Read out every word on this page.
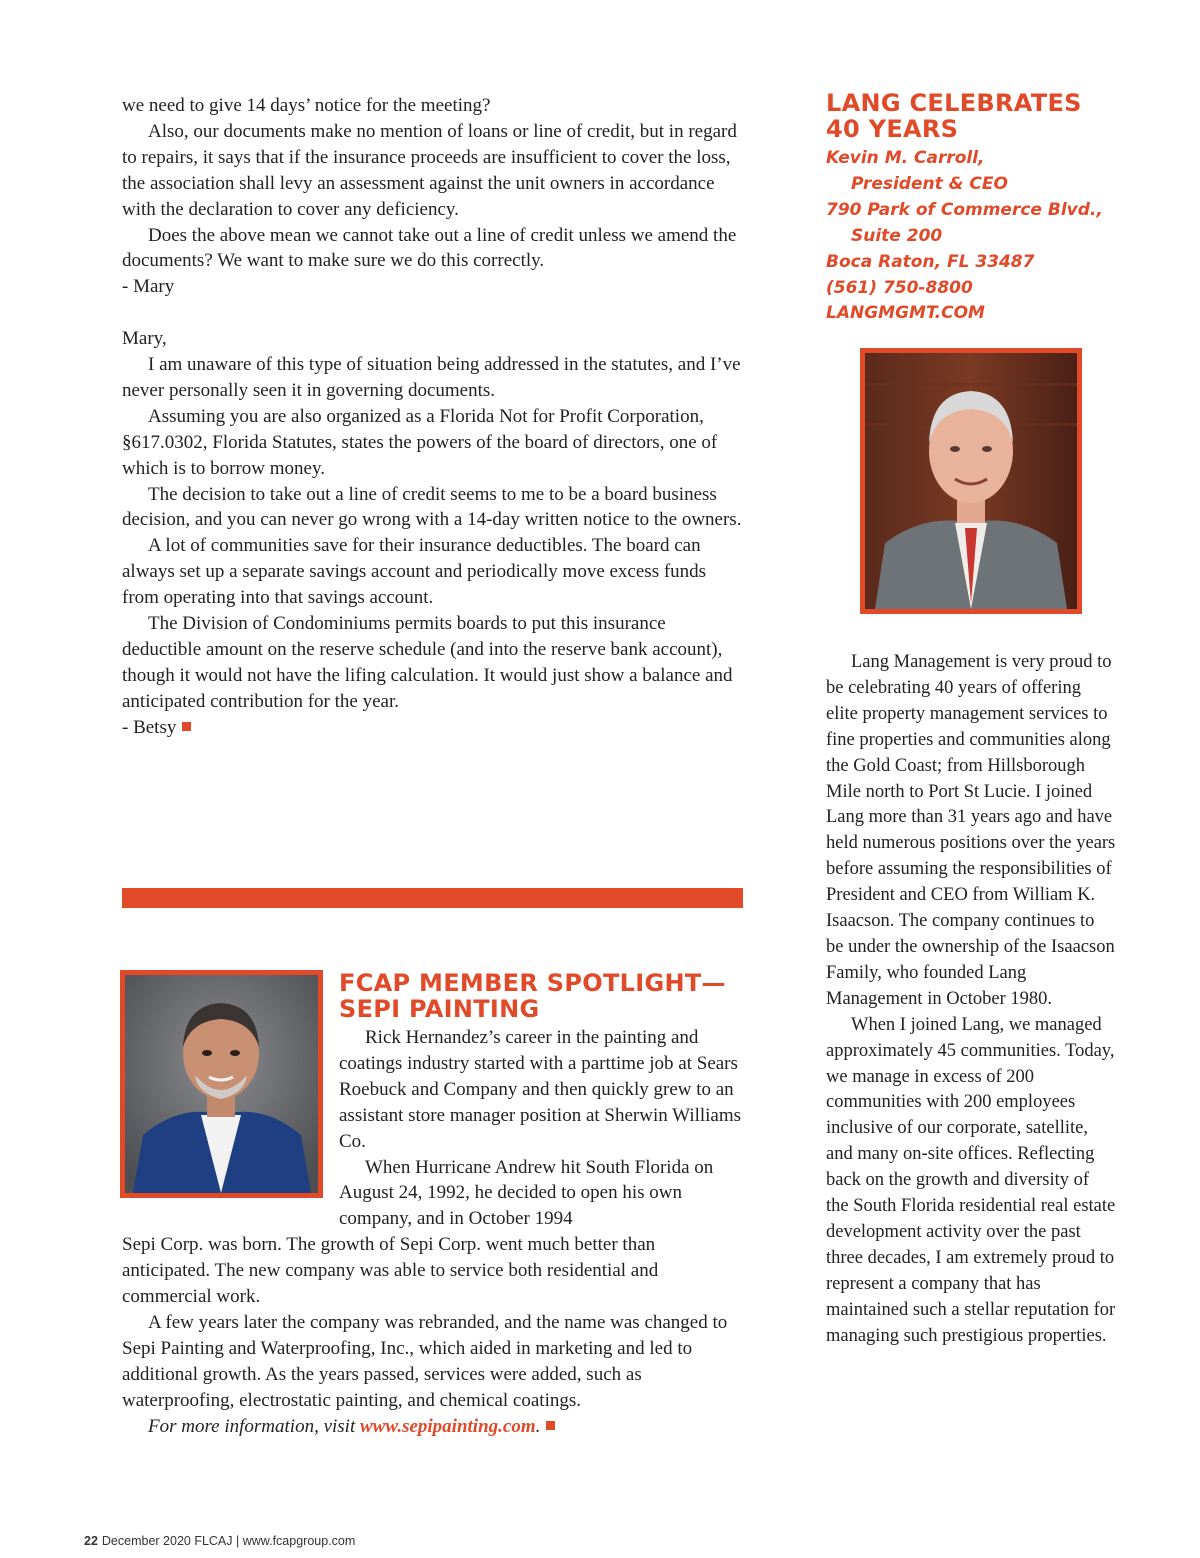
we need to give 14 days’ notice for the meeting?

Also, our documents make no mention of loans or line of credit, but in regard to repairs, it says that if the insurance proceeds are insufficient to cover the loss, the association shall levy an assessment against the unit owners in accordance with the declaration to cover any deficiency.

Does the above mean we cannot take out a line of credit unless we amend the documents? We want to make sure we do this correctly.

- Mary

Mary,

I am unaware of this type of situation being addressed in the statutes, and I’ve never personally seen it in governing documents.

Assuming you are also organized as a Florida Not for Profit Corporation, §617.0302, Florida Statutes, states the powers of the board of directors, one of which is to borrow money.

The decision to take out a line of credit seems to me to be a board business decision, and you can never go wrong with a 14-day written notice to the owners.

A lot of communities save for their insurance deductibles. The board can always set up a separate savings account and periodically move excess funds from operating into that savings account.

The Division of Condominiums permits boards to put this insurance deductible amount on the reserve schedule (and into the reserve bank account), though it would not have the lifing calculation. It would just show a balance and anticipated contribution for the year.

- Betsy

LANG CELEBRATES
40 YEARS
Kevin M. Carroll,
President & CEO
790 Park of Commerce Blvd.,
Suite 200
Boca Raton, FL 33487
(561) 750-8800
LANGMGMT.COM

Lang Management is very proud to be celebrating 40 years of offering elite property management services to fine properties and communities along the Gold Coast; from Hillsborough Mile north to Port St Lucie. I joined Lang more than 31 years ago and have held numerous positions over the years before assuming the responsibilities of President and CEO from William K. Isaacson. The company continues to be under the ownership of the Isaacson Family, who founded Lang Management in October 1980.

When I joined Lang, we managed approximately 45 communities. Today, we manage in excess of 200 communities with 200 employees inclusive of our corporate, satellite, and many on-site offices. Reflecting back on the growth and diversity of the South Florida residential real estate development activity over the past three decades, I am extremely proud to represent a company that has maintained such a stellar reputation for managing such prestigious properties.

FCAP MEMBER SPOTLIGHT—
SEPI PAINTING

Rick Hernandez’s career in the painting and coatings industry started with a parttime job at Sears Roebuck and Company and then quickly grew to an assistant store manager position at Sherwin Williams Co.

When Hurricane Andrew hit South Florida on August 24, 1992, he decided to open his own company, and in October 1994

Sepi Corp. was born. The growth of Sepi Corp. went much better than anticipated. The new company was able to service both residential and commercial work.

A few years later the company was rebranded, and the name was changed to Sepi Painting and Waterproofing, Inc., which aided in marketing and led to additional growth. As the years passed, services were added, such as waterproofing, electrostatic painting, and chemical coatings.

For more information, visit www.sepipainting.com.

22 December 2020 FLCAJ | www.fcapgroup.com
